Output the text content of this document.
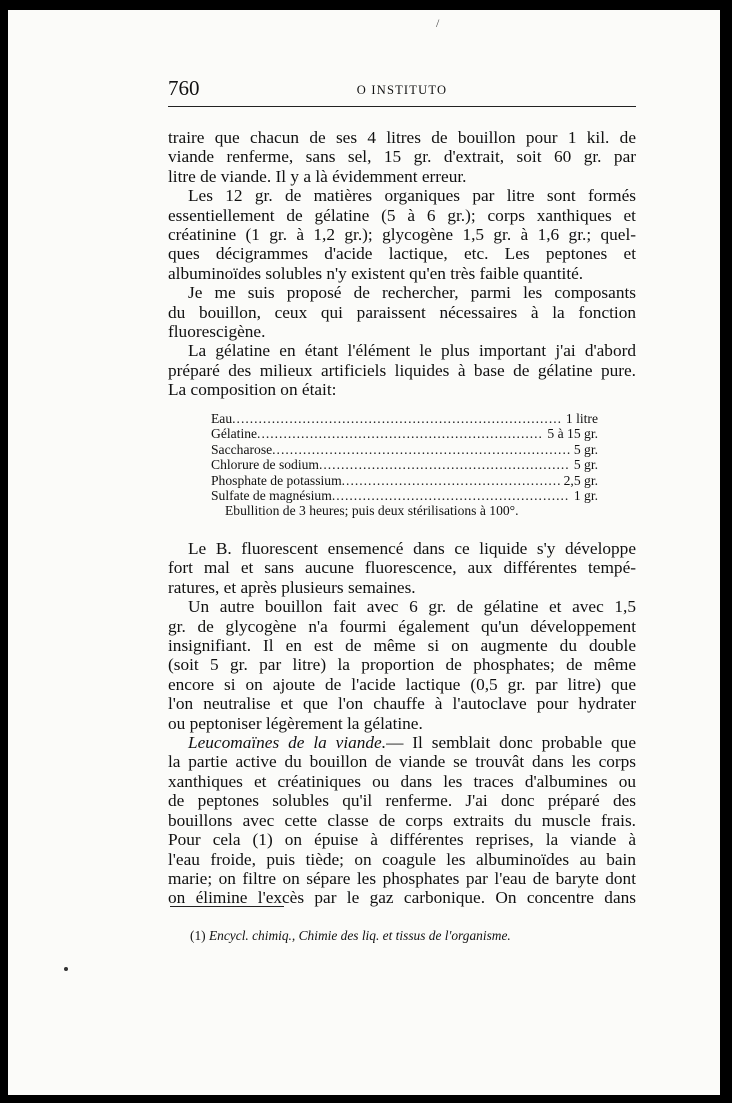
/
760	O INSTITUTO
traire que chacun de ses 4 litres de bouillon pour 1 kil. de
viande renferme, sans sel, 15 gr. d'extrait, soit 60 gr. par
litre de viande. Il y a là évidemment erreur.
Les 12 gr. de matières organiques par litre sont formés
essentiellement de gélatine (5 à 6 gr.); corps xanthiques et
créatinine (1 gr. à 1,2 gr.); glycogène 1,5 gr. à 1,6 gr.; quel-
ques décigrammes d'acide lactique, etc. Les peptones et
albuminoïdes solubles n'y existent qu'en très faible quantité.
Je me suis proposé de rechercher, parmi les composants
du bouillon, ceux qui paraissent nécessaires à la fonction
fluorescigène.
La gélatine en étant l'élément le plus important j'ai d'abord
préparé des milieux artificiels liquides à base de gélatine pure.
La composition on était:
Eau .....	1 litre
Gélatine .....	5 à 15 gr.
Saccharose .....	5 gr.
Chlorure de sodium .....	5 gr.
Phosphate de potassium .....	2,5 gr.
Sulfate de magnésium .....	1 gr.
Ebullition de 3 heures; puis deux stérilisations à 100°.
Le B. fluorescent ensemencé dans ce liquide s'y développe
fort mal et sans aucune fluorescence, aux différentes tempé-
ratures, et après plusieurs semaines.
Un autre bouillon fait avec 6 gr. de gélatine et avec 1,5
gr. de glycogène n'a fourmi également qu'un développement
insignifiant. Il en est de même si on augmente du double
(soit 5 gr. par litre) la proportion de phosphates; de même
encore si on ajoute de l'acide lactique (0,5 gr. par litre) que
l'on neutralise et que l'on chauffe à l'autoclave pour hydrater
ou peptoniser légèrement la gélatine.
Leucomaïnes de la viande.— Il semblait donc probable que
la partie active du bouillon de viande se trouvât dans les corps
xanthiques et créatiniques ou dans les traces d'albumines ou
de peptones solubles qu'il renferme. J'ai donc préparé des
bouillons avec cette classe de corps extraits du muscle frais.
Pour cela (1) on épuise à différentes reprises, la viande à
l'eau froide, puis tiède; on coagule les albuminoïdes au bain
marie; on filtre on sépare les phosphates par l'eau de baryte dont
on élimine l'excès par le gaz carbonique. On concentre dans
(1) Encycl. chimiq., Chimie des liq. et tissus de l'organisme.
